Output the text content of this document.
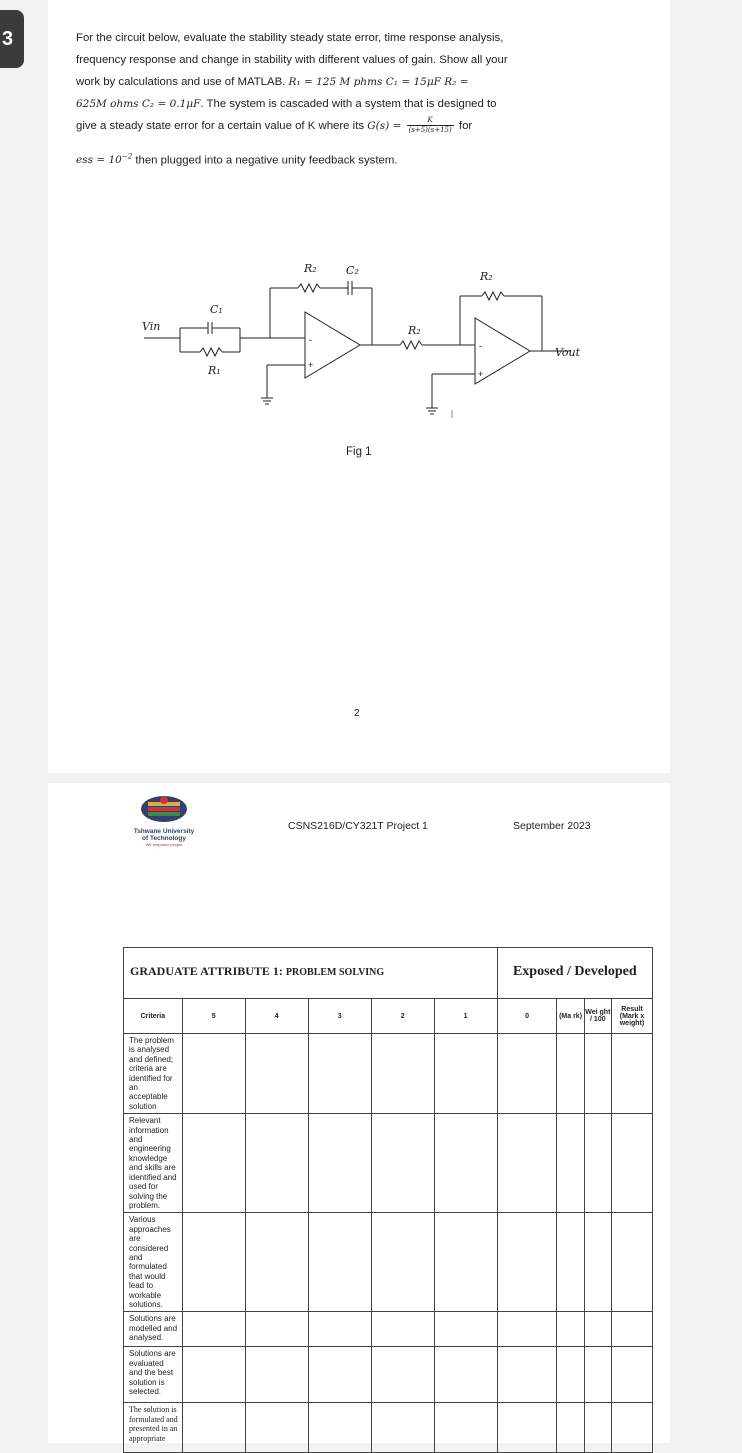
3	For the circuit below, evaluate the stability steady state error, time response analysis,
frequency response and change in stability with different values of gain. Show all your
work by calculations and use of MATLAB. R₁ = 125 M phms C₁ = 15μF R₂ =
625M ohms C₂ = 0.1μF. The system is cascaded with a system that is designed to
give a steady state error for a certain value of K where its $G(s) = \frac{K}{(s+5)(s+15)}$ for
ess = $10^{-2}$ then plugged into a negative unity feedback system.
Vin
C₁
R₁
R₂	C₂
R₂
R₂
Vout
-
+
-
+
Fig 1
2
Tshwane University
of Technology
We empower people
CSNS216D/CY321T Project 1	September 2023
GRADUATE ATTRIBUTE 1: PROBLEM SOLVING						Exposed / Developed			
Criteria	5	4	3	2	1	0	(Ma rk)	Wei ght / 100	Result (Mark x weight)
The problem is analysed and defined; criteria are identified for an acceptable solution									
Relevant information and engineering knowledge and skills are identified and used for solving the problem.									
Various approaches are considered and formulated that would lead to workable solutions.									
Solutions are modelled and analysed.									
Solutions are evaluated and the best solution is selected.									
The solution is formulated and presented in an appropriate									
